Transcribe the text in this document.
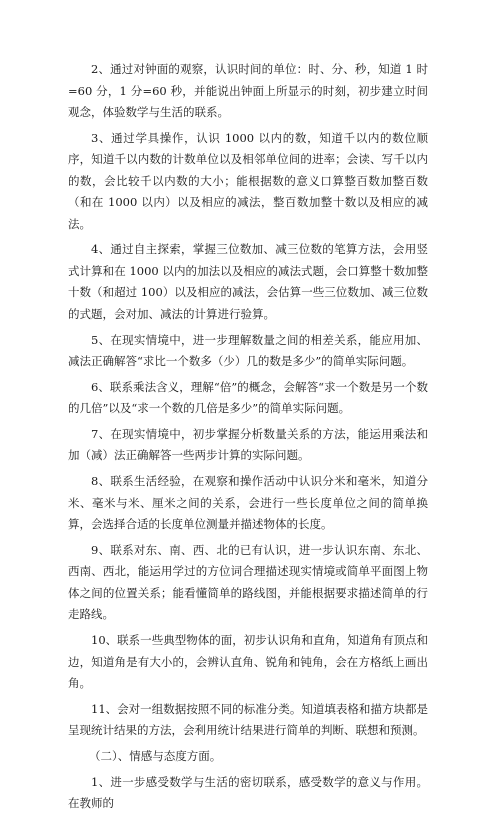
2、通过对钟面的观察，认识时间的单位：时、分、秒，知道 1 时=60 分，1 分=60 秒，并能说出钟面上所显示的时刻，初步建立时间观念，体验数学与生活的联系。

3、通过学具操作，认识 1000 以内的数，知道千以内的数位顺序，知道千以内数的计数单位以及相邻单位间的进率；会读、写千以内的数，会比较千以内数的大小；能根据数的意义口算整百数加整百数（和在 1000 以内）以及相应的减法，整百数加整十数以及相应的减法。

4、通过自主探索，掌握三位数加、减三位数的笔算方法，会用竖式计算和在 1000 以内的加法以及相应的减法式题，会口算整十数加整十数（和超过 100）以及相应的减法，会估算一些三位数加、减三位数的式题，会对加、减法的计算进行验算。

5、在现实情境中，进一步理解数量之间的相差关系，能应用加、减法正确解答“求比一个数多（少）几的数是多少”的简单实际问题。

6、联系乘法含义，理解“倍”的概念，会解答“求一个数是另一个数的几倍”以及“求一个数的几倍是多少”的简单实际问题。

7、在现实情境中，初步掌握分析数量关系的方法，能运用乘法和加（减）法正确解答一些两步计算的实际问题。

8、联系生活经验，在观察和操作活动中认识分米和毫米，知道分米、毫米与米、厘米之间的关系，会进行一些长度单位之间的简单换算，会选择合适的长度单位测量并描述物体的长度。

9、联系对东、南、西、北的已有认识，进一步认识东南、东北、西南、西北，能运用学过的方位词合理描述现实情境或简单平面图上物体之间的位置关系；能看懂简单的路线图，并能根据要求描述简单的行走路线。

10、联系一些典型物体的面，初步认识角和直角，知道角有顶点和边，知道角是有大小的，会辨认直角、锐角和钝角，会在方格纸上画出角。

11、会对一组数据按照不同的标准分类。知道填表格和描方块都是呈现统计结果的方法，会利用统计结果进行简单的判断、联想和预测。

（二）、情感与态度方面。

1、进一步感受数学与生活的密切联系，感受数学的意义与作用。在教师的
